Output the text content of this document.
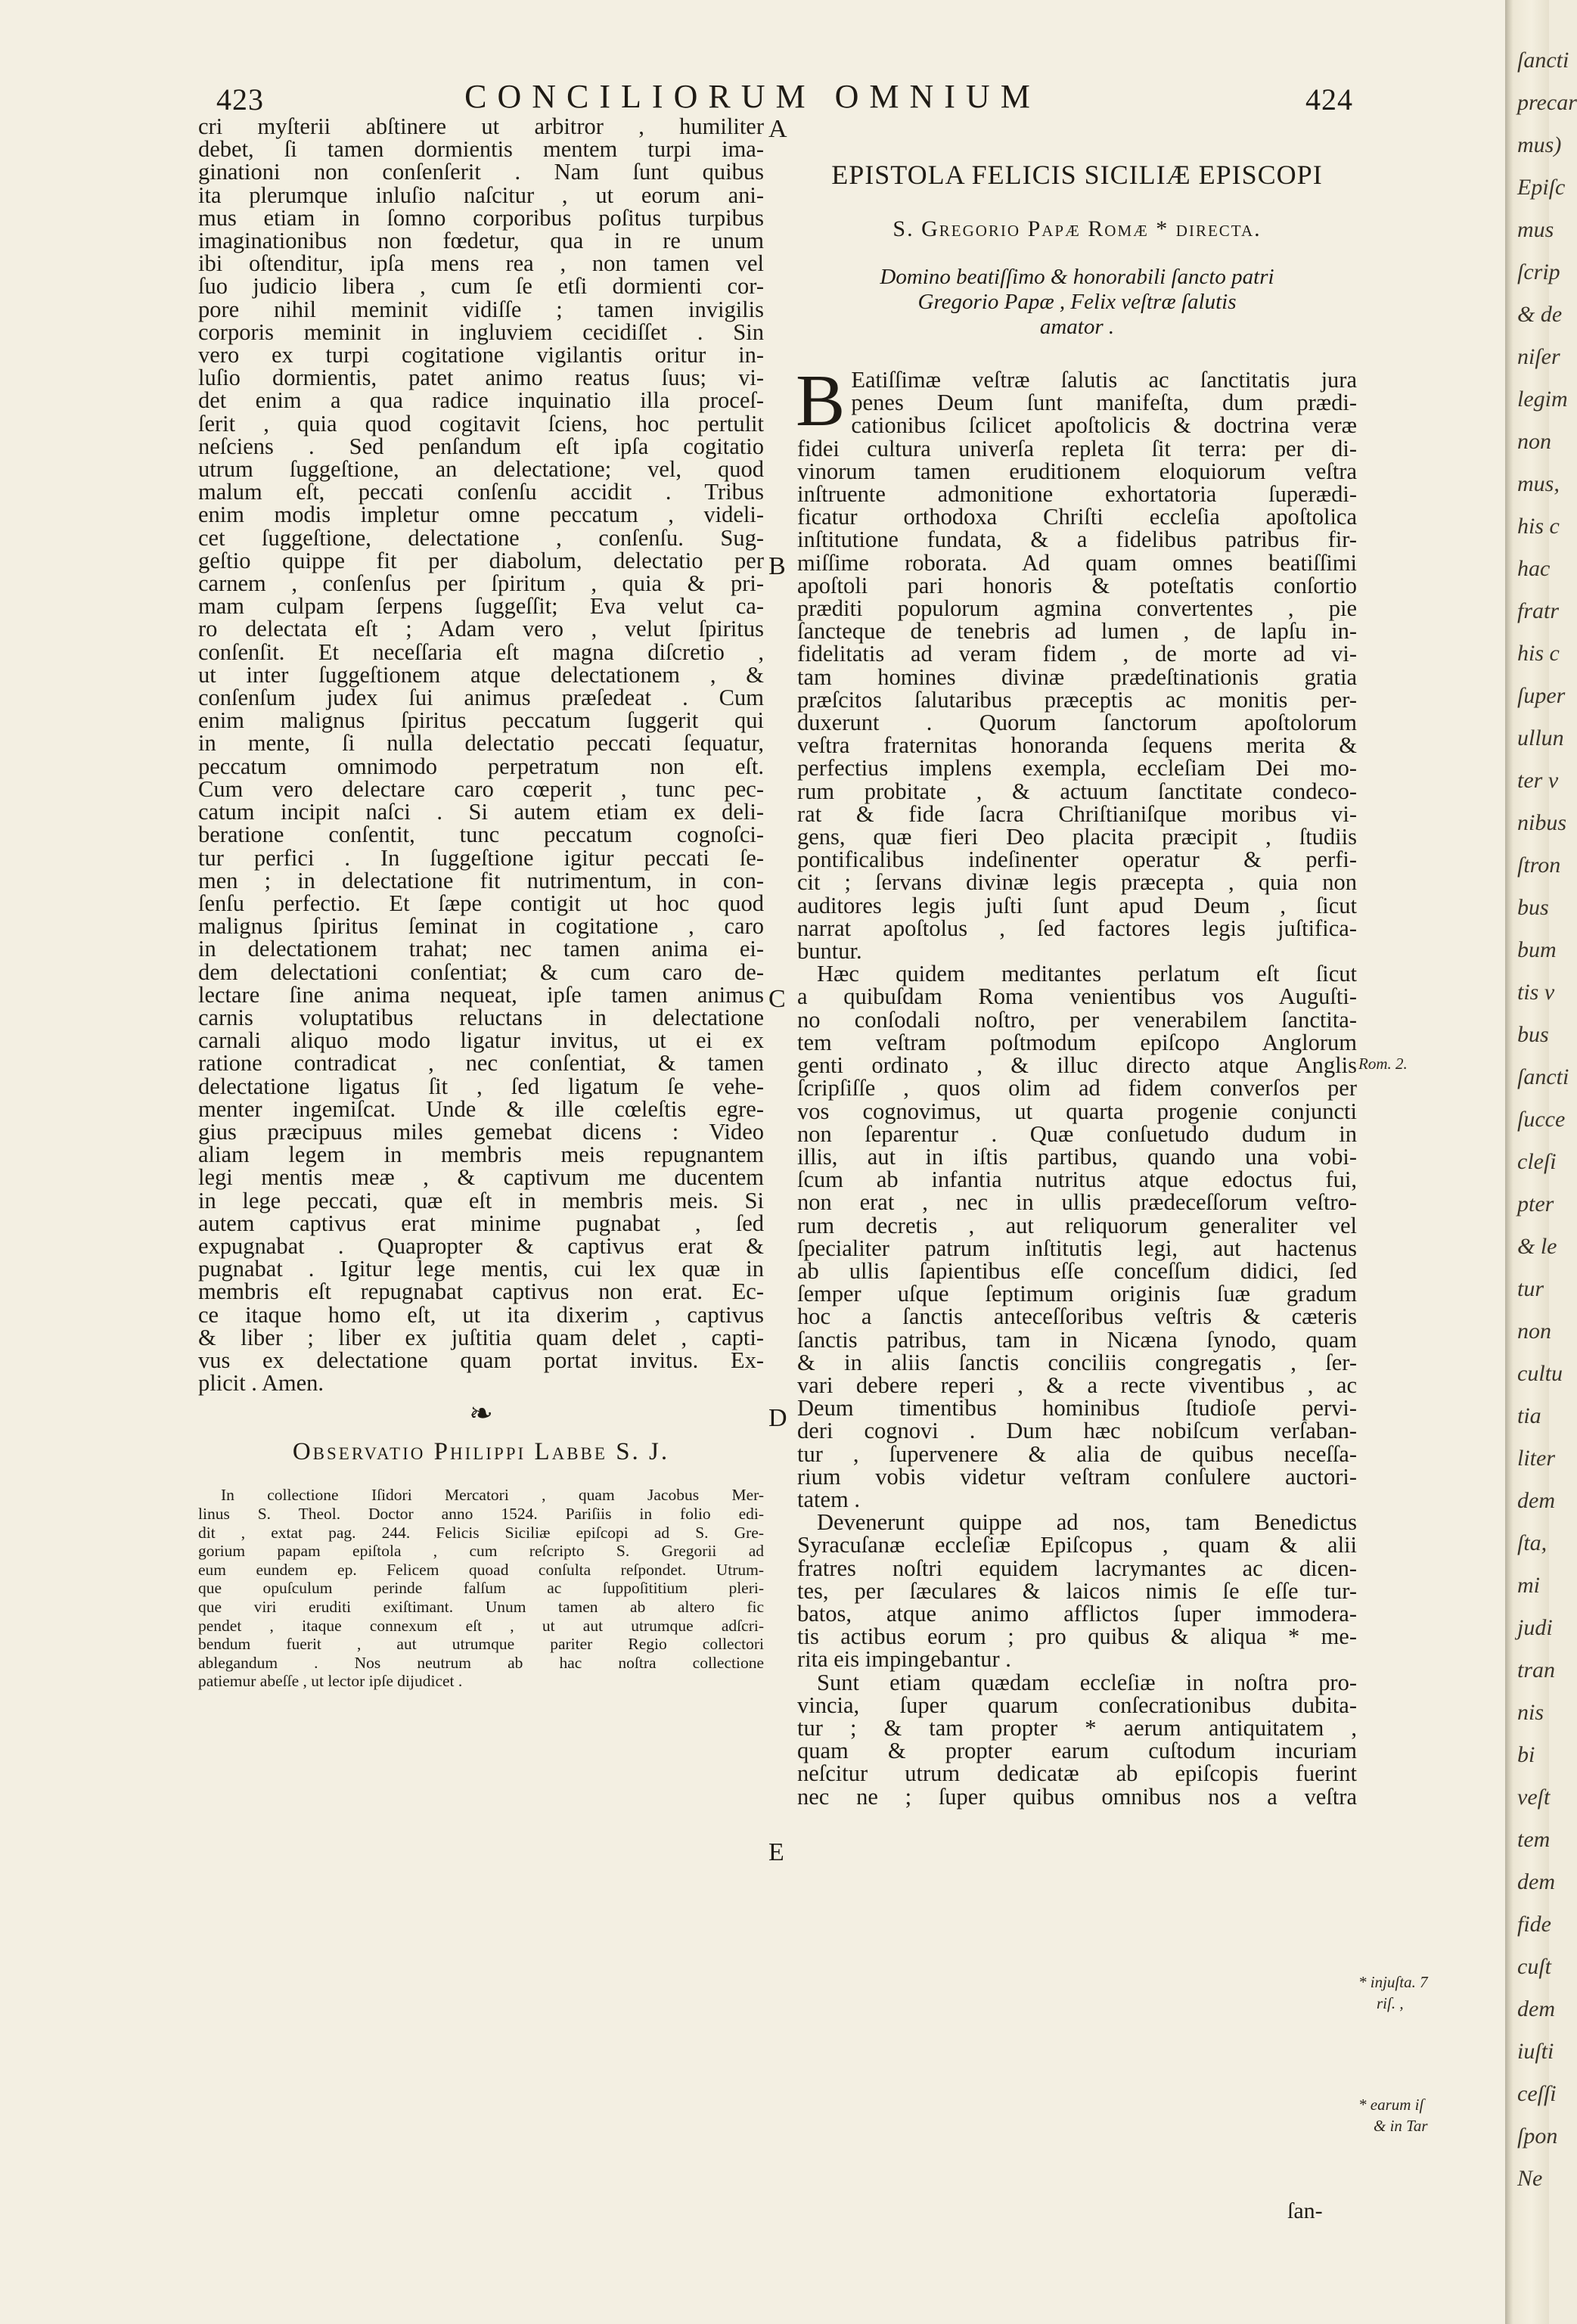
423	CONCILIORUM OMNIUM	424
cri myſterii abſtinere ut arbitror , humiliter
debet, ſi tamen dormientis mentem turpi ima-
ginationi non conſenſerit . Nam ſunt quibus
ita plerumque inluſio naſcitur , ut eorum ani-
mus etiam in ſomno corporibus poſitus turpibus
imaginationibus non fœdetur, qua in re unum
ibi oſtenditur, ipſa mens rea , non tamen vel
ſuo judicio libera , cum ſe etſi dormienti cor-
pore nihil meminit vidiſſe ; tamen invigilis
corporis meminit in ingluviem cecidiſſet . Sin
vero ex turpi cogitatione vigilantis oritur in-
luſio dormientis, patet animo reatus ſuus; vi-
det enim a qua radice inquinatio illa proceſ-
ſerit , quia quod cogitavit ſciens, hoc pertulit
neſciens . Sed penſandum eſt ipſa cogitatio
utrum ſuggeſtione, an delectatione; vel, quod
malum eſt, peccati conſenſu accidit . Tribus
enim modis impletur omne peccatum , videli-
cet ſuggeſtione, delectatione , conſenſu. Sug-
geſtio quippe fit per diabolum, delectatio per
carnem , conſenſus per ſpiritum , quia & pri-
mam culpam ſerpens ſuggeſſit; Eva velut ca-
ro delectata eſt ; Adam vero , velut ſpiritus
conſenſit. Et neceſſaria eſt magna diſcretio ,
ut inter ſuggeſtionem atque delectationem , &
conſenſum judex ſui animus præſedeat . Cum
enim malignus ſpiritus peccatum ſuggerit qui
in mente, ſi nulla delectatio peccati ſequatur,
peccatum omnimodo perpetratum non eſt.
Cum vero delectare caro cœperit , tunc pec-
catum incipit naſci . Si autem etiam ex deli-
beratione conſentit, tunc peccatum cognoſci-
tur perfici . In ſuggeſtione igitur peccati ſe-
men ; in delectatione fit nutrimentum, in con-
ſenſu perfectio. Et ſæpe contigit ut hoc quod
malignus ſpiritus ſeminat in cogitatione , caro
in delectationem trahat; nec tamen anima ei-
dem delectationi conſentiat; & cum caro de-
lectare ſine anima nequeat, ipſe tamen animus
carnis voluptatibus reluctans in delectatione
carnali aliquo modo ligatur invitus, ut ei ex
ratione contradicat , nec conſentiat, & tamen
delectatione ligatus ſit , ſed ligatum ſe vehe-
menter ingemiſcat. Unde & ille cœleſtis egre-
gius præcipuus miles gemebat dicens : Video
aliam legem in membris meis repugnantem
legi mentis meæ , & captivum me ducentem
in lege peccati, quæ eſt in membris meis. Si
autem captivus erat minime pugnabat , ſed
expugnabat . Quapropter & captivus erat &
pugnabat . Igitur lege mentis, cui lex quæ in
membris eſt repugnabat captivus non erat. Ec-
ce itaque homo eſt, ut ita dixerim , captivus
& liber ; liber ex juſtitia quam delet , capti-
vus ex delectatione quam portat invitus. Ex-
plicit . Amen.
❧
Observatio Philippi Labbe S. J.
In collectione Iſidori Mercatori , quam Jacobus Mer-
linus S. Theol. Doctor anno 1524. Pariſiis in folio edi-
dit , extat pag. 244. Felicis Siciliæ epiſcopi ad S. Gre-
gorium papam epiſtola , cum reſcripto S. Gregorii ad
eum eundem ep. Felicem quoad conſulta reſpondet. Utrum-
que opuſculum perinde falſum ac ſuppoſititium pleri-
que viri eruditi exiſtimant. Unum tamen ab altero fic
pendet , itaque connexum eſt , ut aut utrumque adſcri-
bendum fuerit , aut utrumque pariter Regio collectori
ablegandum . Nos neutrum ab hac noſtra collectione
patiemur abeſſe , ut lector ipſe dijudicet .
A
B
C
D
E
EPISTOLA FELICIS SICILIÆ EPISCOPI
S. Gregorio Papæ Romæ * directa.
Domino beatiſſimo & honorabili ſancto patri
Gregorio Papæ , Felix veſtræ ſalutis
amator .
B Eatiſſimæ veſtræ ſalutis ac ſanctitatis jura
penes Deum ſunt manifeſta, dum prædi-
cationibus ſcilicet apoſtolicis & doctrina veræ
fidei cultura univerſa repleta ſit terra: per di-
vinorum tamen eruditionem eloquiorum veſtra
inſtruente admonitione exhortatoria ſuperædi-
ficatur orthodoxa Chriſti eccleſia apoſtolica
inſtitutione fundata, & a fidelibus patribus fir-
miſſime roborata. Ad quam omnes beatiſſimi
apoſtoli pari honoris & poteſtatis conſortio
præditi populorum agmina convertentes , pie
ſancteque de tenebris ad lumen , de lapſu in-
fidelitatis ad veram fidem , de morte ad vi-
tam homines divinæ prædeſtinationis gratia
præſcitos ſalutaribus præceptis ac monitis per-
duxerunt . Quorum ſanctorum apoſtolorum
veſtra fraternitas honoranda ſequens merita &
perfectius implens exempla, eccleſiam Dei mo-
rum probitate , & actuum ſanctitate condeco-
rat & fide ſacra Chriſtianiſque moribus vi-
gens, quæ fieri Deo placita præcipit , ſtudiis
pontificalibus indeſinenter operatur & perfi-
cit ; ſervans divinæ legis præcepta , quia non
auditores legis juſti ſunt apud Deum , ſicut
narrat apoſtolus , ſed factores legis juſtifica-
buntur.
Hæc quidem meditantes perlatum eſt ſicut
a quibuſdam Roma venientibus vos Auguſti-
no conſodali noſtro, per venerabilem ſanctita-
tem veſtram poſtmodum epiſcopo Anglorum
genti ordinato , & illuc directo atque Anglis
ſcripſiſſe , quos olim ad fidem converſos per
vos cognovimus, ut quarta progenie conjuncti
non ſeparentur . Quæ conſuetudo dudum in
illis, aut in iſtis partibus, quando una vobi-
ſcum ab infantia nutritus atque edoctus fui,
non erat , nec in ullis prædeceſſorum veſtro-
rum decretis , aut reliquorum generaliter vel
ſpecialiter patrum inſtitutis legi, aut hactenus
ab ullis ſapientibus eſſe conceſſum didici, ſed
ſemper uſque ſeptimum originis ſuæ gradum
hoc a ſanctis anteceſſoribus veſtris & cæteris
ſanctis patribus, tam in Nicæna ſynodo, quam
& in aliis ſanctis conciliis congregatis , ſer-
vari debere reperi , & a recte viventibus , ac
Deum timentibus hominibus ſtudioſe pervi-
deri cognovi . Dum hæc nobiſcum verſaban-
tur , ſupervenere & alia de quibus neceſſa-
rium vobis videtur veſtram conſulere auctori-
tatem .
Devenerunt quippe ad nos, tam Benedictus
Syracuſanæ eccleſiæ Epiſcopus , quam & alii
fratres noſtri equidem lacrymantes ac dicen-
tes, per ſæculares & laicos nimis ſe eſſe tur-
batos, atque animo afflictos ſuper immodera-
tis actibus eorum ; pro quibus & aliqua * me-
rita eis impingebantur .
Sunt etiam quædam eccleſiæ in noſtra pro-
vincia, ſuper quarum conſecrationibus dubita-
tur ; & tam propter * aerum antiquitatem ,
quam & propter earum cuſtodum incuriam
neſcitur utrum dedicatæ ab epiſcopis fuerint
nec ne ; ſuper quibus omnibus nos a veſtra
Rom. 2.
* injuſta. 7
riſ. ,
* earum iſ
& in Tar
ſan-
ſancti
precar
mus)
Epiſc
mus
ſcrip
& de
niſer
legim
non
mus,
his c
hac
fratr
his c
ſuper
ullun
ter v
nibus
ſtron
bus
bum
tis v
bus
ſancti
ſucce
cleſi
pter
& le
tur
non
cultu
tia
liter
dem
ſta,
mi
judi
tran
nis
bi
veſt
tem
dem
fide
cuſt
dem
iuſti
ceſſi
ſpon
Ne
